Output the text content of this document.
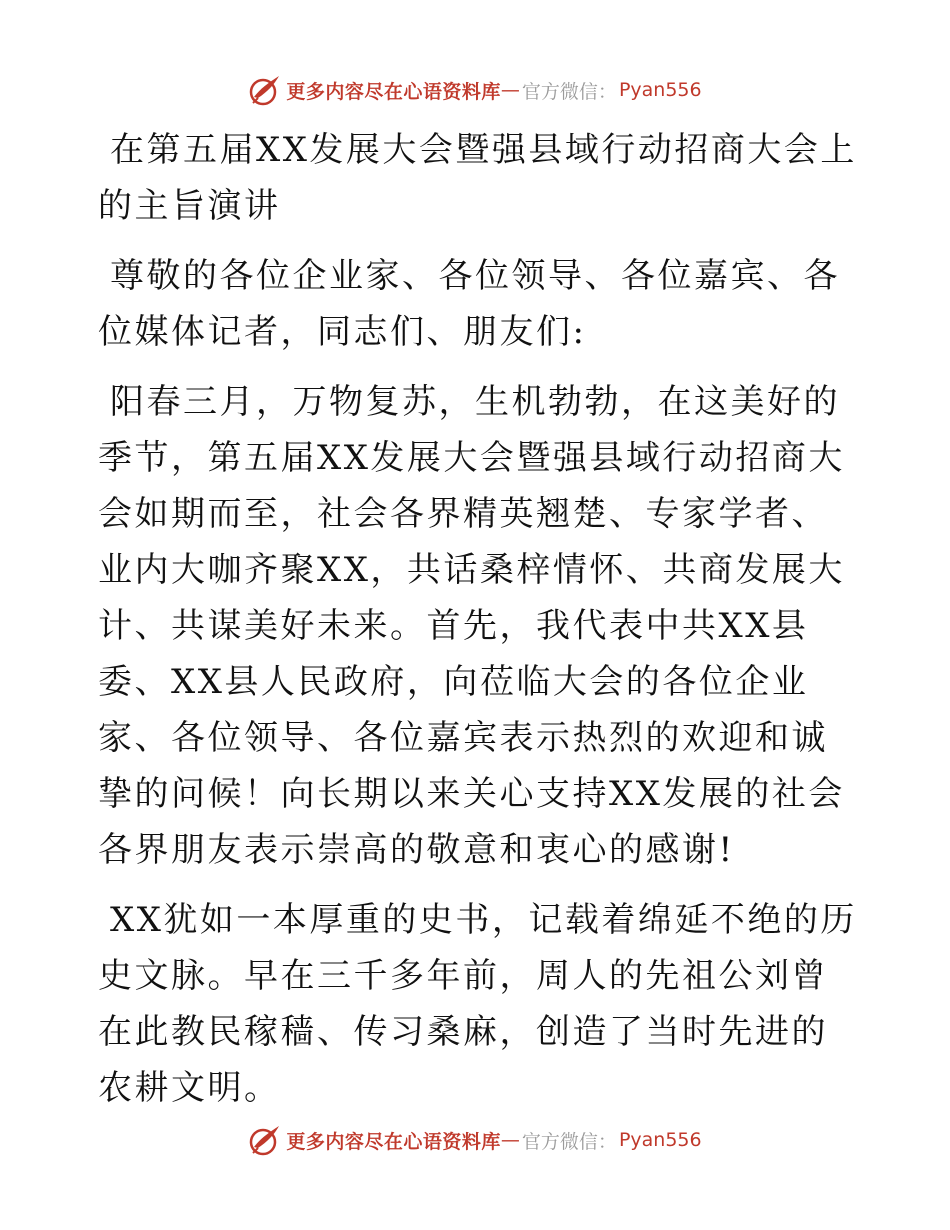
更多内容尽在心语资料库 — 官方微信： Pyan556

在第五届XX发展大会暨强县域行动招商大会上的主旨演讲

尊敬的各位企业家、各位领导、各位嘉宾、各位媒体记者，同志们、朋友们:

阳春三月，万物复苏，生机勃勃，在这美好的季节，第五届XX发展大会暨强县域行动招商大会如期而至，社会各界精英翘楚、专家学者、业内大咖齐聚XX，共话桑梓情怀、共商发展大计、共谋美好未来。首先，我代表中共XX县委、XX县人民政府，向莅临大会的各位企业家、各位领导、各位嘉宾表示热烈的欢迎和诚挚的问候！向长期以来关心支持XX发展的社会各界朋友表示崇高的敬意和衷心的感谢!

XX犹如一本厚重的史书，记载着绵延不绝的历史文脉。早在三千多年前，周人的先祖公刘曾在此教民稼穑、传习桑麻，创造了当时先进的农耕文明。

更多内容尽在心语资料库 — 官方微信： Pyan556
